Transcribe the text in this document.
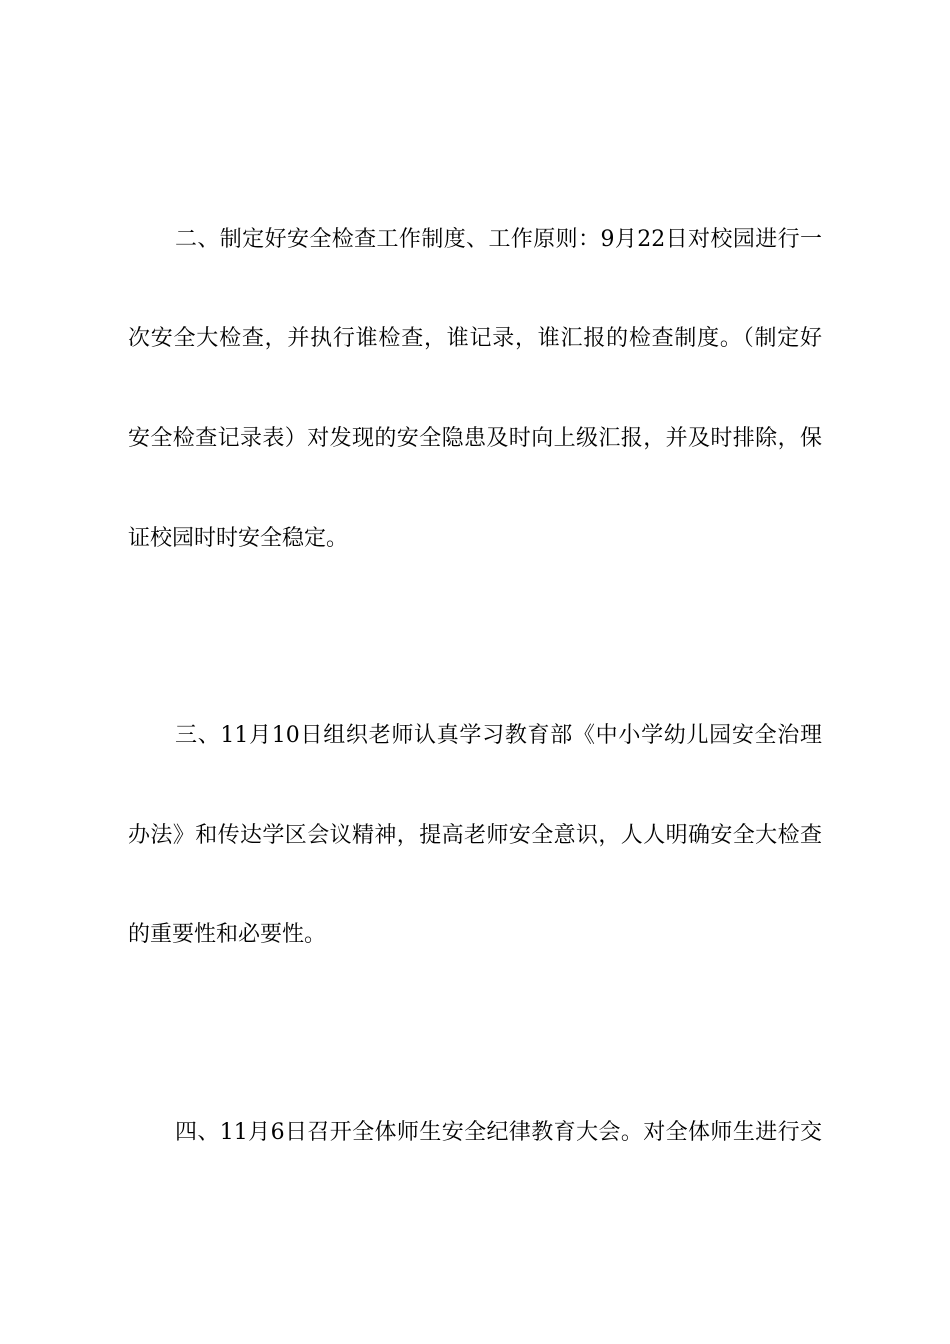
二、制定好安全检查工作制度、工作原则：9月22日对校园进行一
次安全大检查，并执行谁检查，谁记录，谁汇报的检查制度。（制定好
安全检查记录表）对发现的安全隐患及时向上级汇报，并及时排除，保
证校园时时安全稳定。
三、11月10日组织老师认真学习教育部《中小学幼儿园安全治理
办法》和传达学区会议精神，提高老师安全意识，人人明确安全大检查
的重要性和必要性。
四、11月6日召开全体师生安全纪律教育大会。对全体师生进行交
